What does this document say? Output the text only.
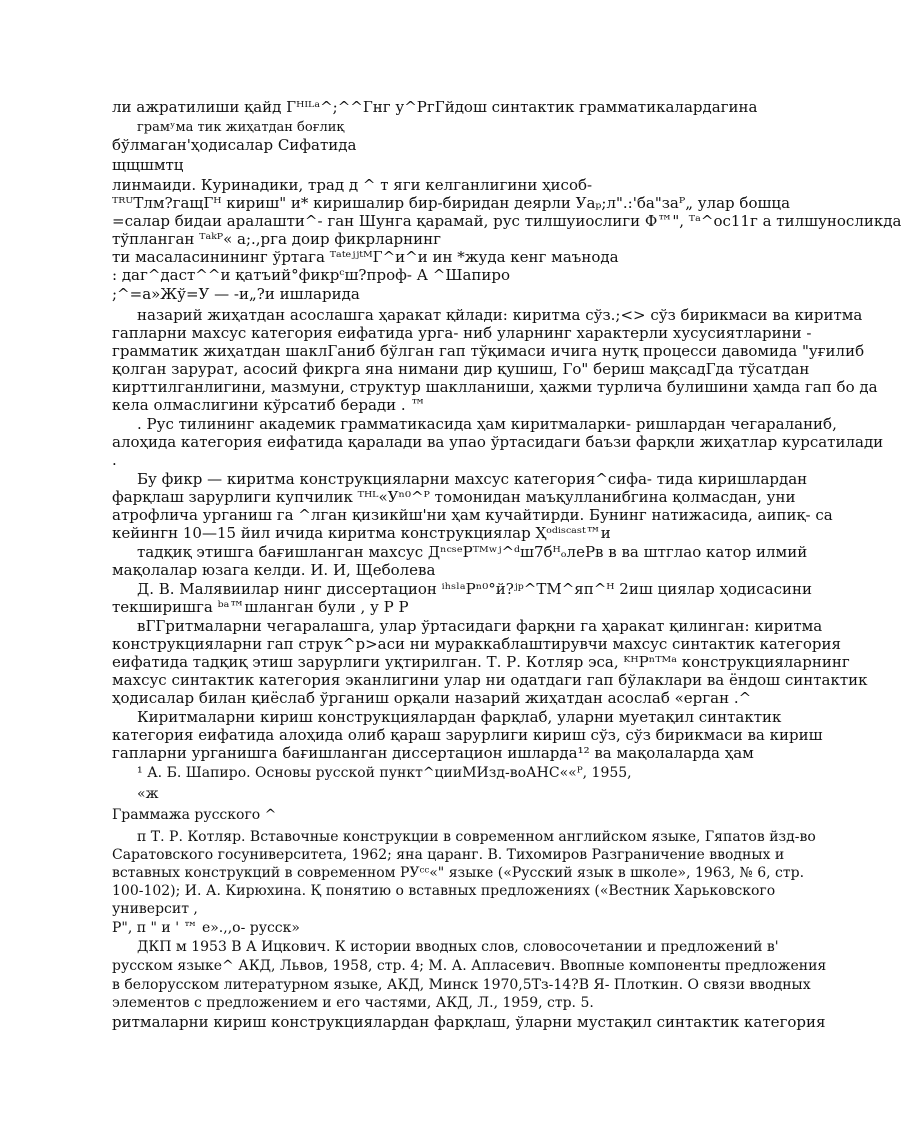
ли ажратилиши қайд Гᴴᴵᴸᵃ^;^^Гнг у^РгГйдош синтактик грамматикалардагина
грамʸма тик жиҳатдан боғлиқ
бўлмаган'ҳодисалар Сифатида
щщшмтц
линмаиди. Куринадики, трад д ^ т яги келганлигини ҳисоб-
ᵀᴿᵁТлм?гащГᴴ кириш" и* киришалир бир-биридан деярли Уаₚ;л".:'ба"заᴾ„ улар бошца
=салар бидаи аралашти^- ган Шунга қарамай, рус тилшуиослиги Ф™", ᵀᵃ^ос11г а тилшуносликда
тўпланган ᵀᵃᵏᴾ« а;.,рга доир фикрларнинг
ти масаласинининг ўртага ᵀᵃᵗᵉʲʲᵗᴹГ^и^и ин *жуда кенг маънода
: даг^даст^^и қатъий°фикрᶜш?проф- А ^Шапиро
;^=а»Жў=У — -и„?и ишларида
назарий жиҳатдан асослашга ҳаракат қйлади: киритма сўз.;<> сўз бирикмаси ва киритма
гапларни махсус категория еифатида урга- ниб уларнинг характерли хусусиятларини -
грамматик жиҳатдан шаклГаниб бўлган гап тўқимаси ичига нутқ процесси давомида "уғилиб
қолган зарурат, асосий фикрга яна нимани дир қушиш, Го" бериш мақсадГда тўсатдан
кирттилганлигини, мазмуни, структур шаклланиши, ҳажми турлича булишини ҳамда гап бо да
кела олмаслигини кўрсатиб беради . ™
. Рус тилининг академик грамматикасида ҳам киритмаларки- ришлардан чегараланиб,
алоҳида категория еифатида қаралади ва упао ўртасидаги баъзи фарқли жиҳатлар курсатилади
.
Бу фикр — киритма конструкцияларни махсус категория^сифа- тида киришлардан
фарқлаш зарурлиги купчилик ᵀᴴᴸ«Уⁿ⁰^ᴾ томонидан маъқулланибгина қолмасдан, уни
атрофлича урганиш га ^лган қизикйш'ни ҳам кучайтирди. Бунинг натижасида, аипиқ- са
кейингн 10—15 йил ичида киритма конструкциялар Ҳᵒᵈⁱˢᶜᵃˢᵗ™и
тадқиқ этишга бағишланган махсус ДⁿᶜˢᵉРᵀᴹʷʲ^ᵈш7бᴴₒлеРв в ва штглао катор илмий
мақолалар юзага келди. И. И, Щеболева
Д. В. Малявиилар нинг диссертацион ⁱʰˢˡᵃРⁿ⁰°й?ʲᵖ^ТМ^яп^ᴴ 2иш циялар ҳодисасини
текширишга ᵇᵃ™шланган були , у Р Р
вГГритмаларни чегаралашга, улар ўртасидаги фарқни га ҳаракат қилинган: киритма
конструкцияларни гап струк^р>аси ни мураккаблаштирувчи махсус синтактик категория
еифатида тадқиқ этиш зарурлиги уқтирилган. Т. Р. Котляр эса, ᴷᴴРⁿᵀᴹᵃ конструкцияларнинг
махсус синтактик категория эканлигини улар ни одатдаги гап бўлаклари ва ёндош синтактик
ҳодисалар билан қиёслаб ўрганиш орқали назарий жиҳатдан асослаб «ерган .^
Киритмаларни кириш конструкциялардан фарқлаб, уларни муетақил синтактик
категория еифатида алоҳида олиб қараш зарурлиги кириш сўз, сўз бирикмаси ва кириш
гапларни урганишга бағишланган диссертацион ишларда¹² ва мақолаларда ҳам
¹ А. Б. Шапиро. Основы русской пункт^цииМИзд-воАНС««ᴾ, 1955,
«ж
Граммажа русского ^
п Т. Р. Котляр. Вставочные конструкции в современном английском языке, Гяпатов йзд-во
Саратовского госуниверситета, 1962; яна царанг. В. Тихомиров Разграничение вводных и
вставных конструкций в современном РУᶜᶜ«" языке («Русский язык в школе», 1963, № 6, стр.
100-102); И. А. Кирюхина. Қ понятию о вставных предложениях («Вестник Харьковского
университ ,
Р", п " и ' ™ е».,,о- русск»
ДКП м 1953 В А Ицкович. К истории вводных слов, словосочетании и предложений в'
русском языке^ АКД, Львов, 1958, стр. 4; М. А. Апласевич. Ввопные компоненты предложения
в белорусском литературном языке, АКД, Минск 1970,5Тз-14?В Я- Плоткин. О связи вводных
элементов с предложением и его частями, АКД, Л., 1959, стр. 5.
ритмаларни кириш конструкциялардан фарқлаш, ўларни мустақил синтактик категория
